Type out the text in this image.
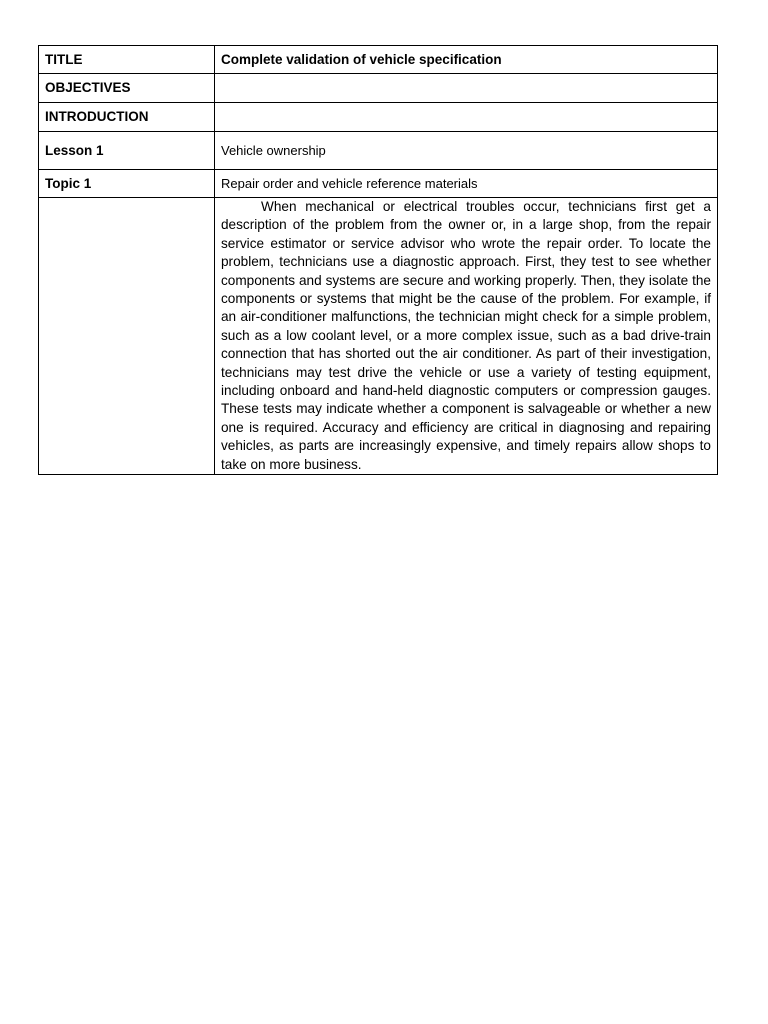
TITLE	Complete validation of vehicle specification
OBJECTIVES	
INTRODUCTION	
Lesson 1	Vehicle ownership

Topic 1	Repair order and vehicle reference materials

	When mechanical or electrical troubles occur, technicians first get a description of the problem from the owner or, in a large shop, from the repair service estimator or service advisor who wrote the repair order. To locate the problem, technicians use a diagnostic approach. First, they test to see whether components and systems are secure and working properly. Then, they isolate the components or systems that might be the cause of the problem. For example, if an air-conditioner malfunctions, the technician might check for a simple problem, such as a low coolant level, or a more complex issue, such as a bad drive-train connection that has shorted out the air conditioner. As part of their investigation, technicians may test drive the vehicle or use a variety of testing equipment, including onboard and hand-held diagnostic computers or compression gauges. These tests may indicate whether a component is salvageable or whether a new one is required. Accuracy and efficiency are critical in diagnosing and repairing vehicles, as parts are increasingly expensive, and timely repairs allow shops to take on more business.
